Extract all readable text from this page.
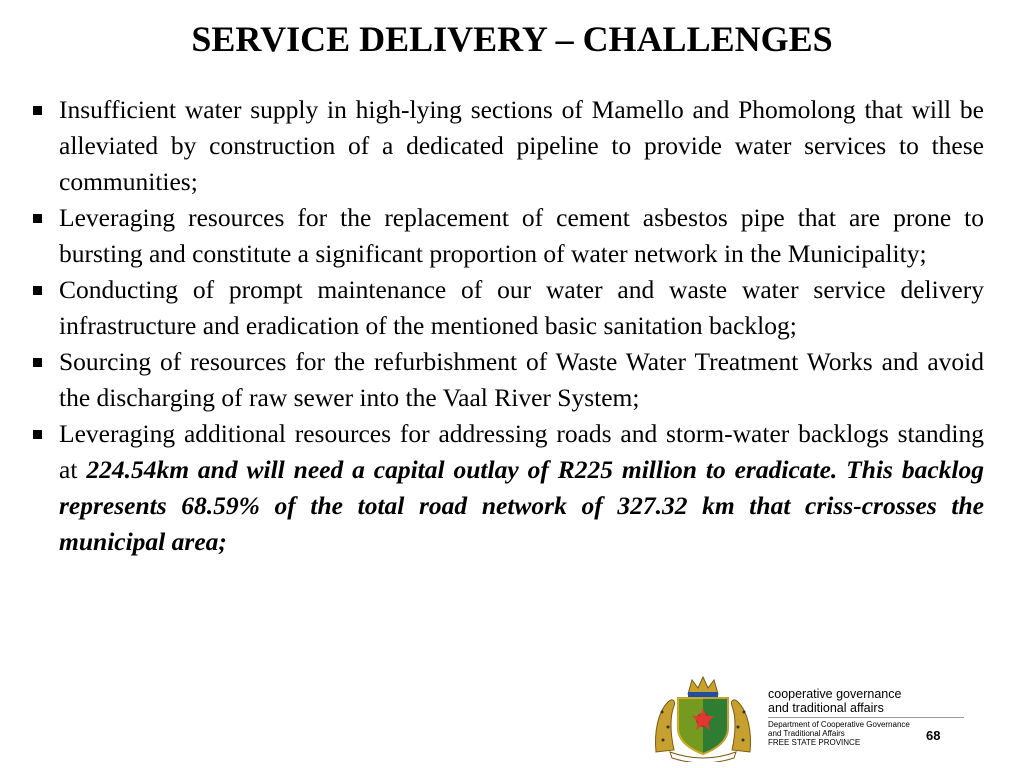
SERVICE DELIVERY – CHALLENGES
Insufficient water supply in high-lying sections of Mamello and Phomolong that will be alleviated by construction of a dedicated pipeline to provide water services to these communities;
Leveraging resources for the replacement of cement asbestos pipe that are prone to bursting and constitute a significant proportion of water network in the Municipality;
Conducting of prompt maintenance of our water and waste water service delivery infrastructure and eradication of the mentioned basic sanitation backlog;
Sourcing of resources for the refurbishment of Waste Water Treatment Works and avoid the discharging of raw sewer into the Vaal River System;
Leveraging additional resources for addressing roads and storm-water backlogs standing at 224.54km and will need a capital outlay of R225 million to eradicate. This backlog represents 68.59% of the total road network of 327.32 km that criss-crosses the municipal area;
cooperative governance
and traditional affairs
Department of Cooperative Governance
and Traditional Affairs
FREE STATE PROVINCE	68
